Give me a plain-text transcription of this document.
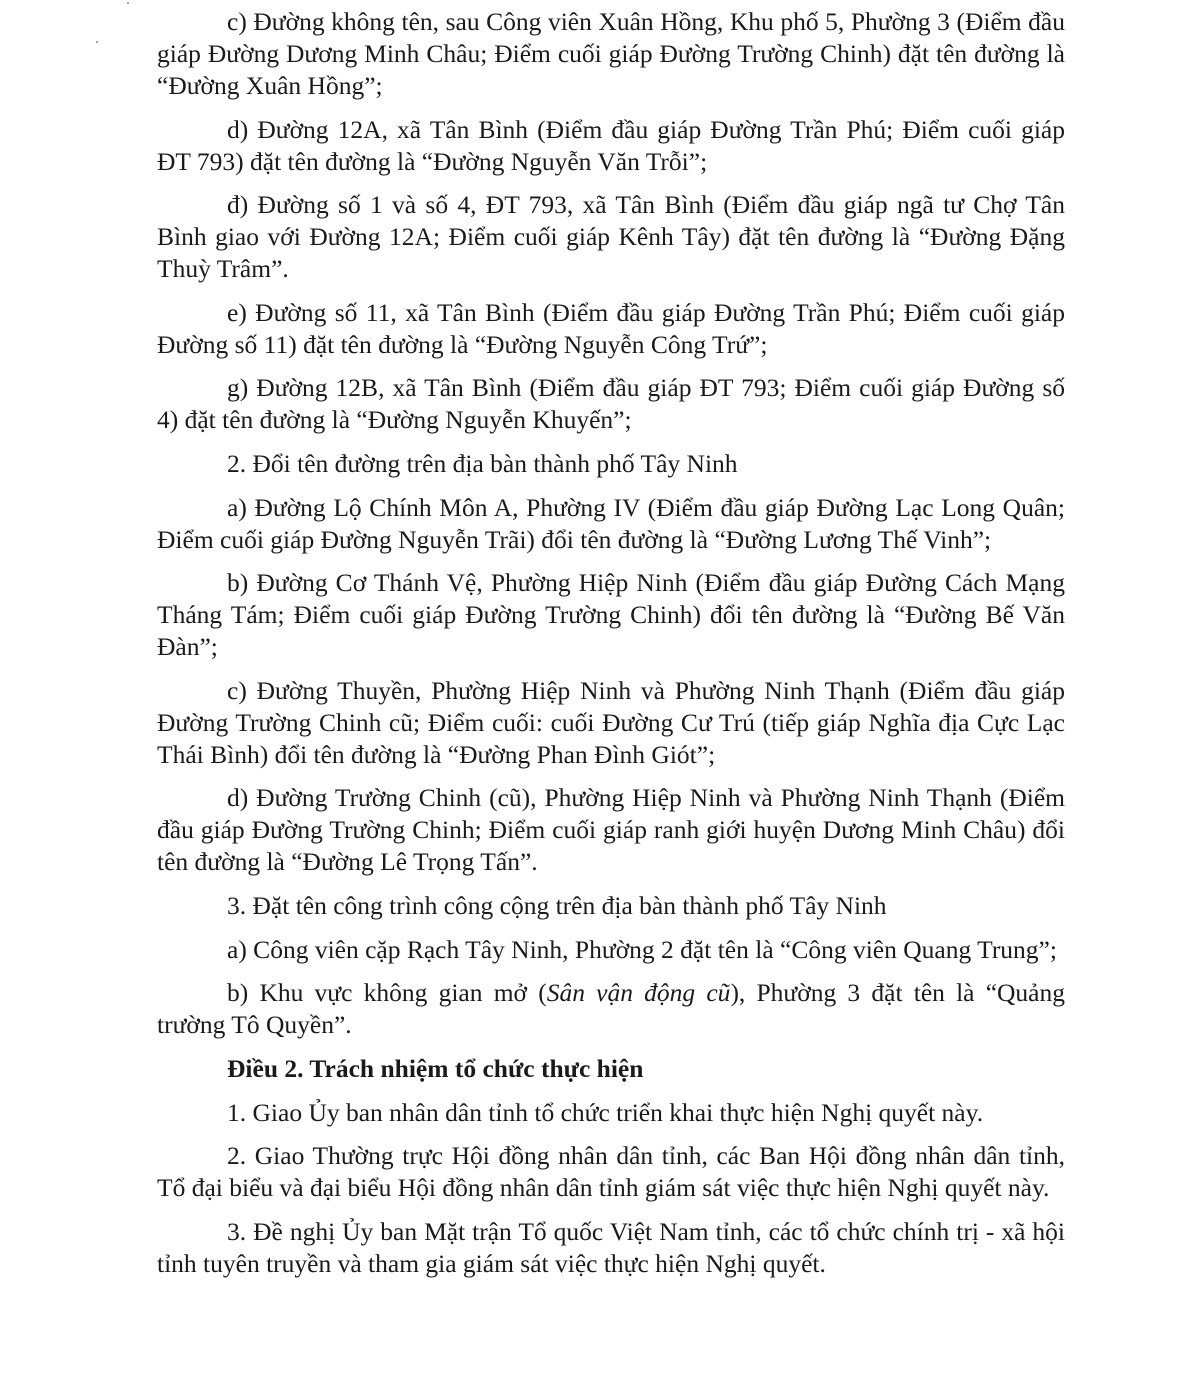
c) Đường không tên, sau Công viên Xuân Hồng, Khu phố 5, Phường 3 (Điểm đầu giáp Đường Dương Minh Châu; Điểm cuối giáp Đường Trường Chinh) đặt tên đường là “Đường Xuân Hồng”;

d) Đường 12A, xã Tân Bình (Điểm đầu giáp Đường Trần Phú; Điểm cuối giáp ĐT 793) đặt tên đường là “Đường Nguyễn Văn Trỗi”;

đ) Đường số 1 và số 4, ĐT 793, xã Tân Bình (Điểm đầu giáp ngã tư Chợ Tân Bình giao với Đường 12A; Điểm cuối giáp Kênh Tây) đặt tên đường là “Đường Đặng Thuỳ Trâm”.

e) Đường số 11, xã Tân Bình (Điểm đầu giáp Đường Trần Phú; Điểm cuối giáp Đường số 11) đặt tên đường là “Đường Nguyễn Công Trứ”;

g) Đường 12B, xã Tân Bình (Điểm đầu giáp ĐT 793; Điểm cuối giáp Đường số 4) đặt tên đường là “Đường Nguyễn Khuyến”;

2. Đổi tên đường trên địa bàn thành phố Tây Ninh

a) Đường Lộ Chính Môn A, Phường IV (Điểm đầu giáp Đường Lạc Long Quân; Điểm cuối giáp Đường Nguyễn Trãi) đổi tên đường là “Đường Lương Thế Vinh”;

b) Đường Cơ Thánh Vệ, Phường Hiệp Ninh (Điểm đầu giáp Đường Cách Mạng Tháng Tám; Điểm cuối giáp Đường Trường Chinh) đổi tên đường là “Đường Bế Văn Đàn”;

c) Đường Thuyền, Phường Hiệp Ninh và Phường Ninh Thạnh (Điểm đầu giáp Đường Trường Chinh cũ; Điểm cuối: cuối Đường Cư Trú (tiếp giáp Nghĩa địa Cực Lạc Thái Bình) đổi tên đường là “Đường Phan Đình Giót”;

d) Đường Trường Chinh (cũ), Phường Hiệp Ninh và Phường Ninh Thạnh (Điểm đầu giáp Đường Trường Chinh; Điểm cuối giáp ranh giới huyện Dương Minh Châu) đổi tên đường là “Đường Lê Trọng Tấn”.

3. Đặt tên công trình công cộng trên địa bàn thành phố Tây Ninh

a) Công viên cặp Rạch Tây Ninh, Phường 2 đặt tên là “Công viên Quang Trung”;

b) Khu vực không gian mở (Sân vận động cũ), Phường 3 đặt tên là “Quảng trường Tô Quyền”.

Điều 2. Trách nhiệm tổ chức thực hiện

1. Giao Ủy ban nhân dân tỉnh tổ chức triển khai thực hiện Nghị quyết này.

2. Giao Thường trực Hội đồng nhân dân tỉnh, các Ban Hội đồng nhân dân tỉnh, Tổ đại biểu và đại biểu Hội đồng nhân dân tỉnh giám sát việc thực hiện Nghị quyết này.

3. Đề nghị Ủy ban Mặt trận Tổ quốc Việt Nam tỉnh, các tổ chức chính trị - xã hội tỉnh tuyên truyền và tham gia giám sát việc thực hiện Nghị quyết.
